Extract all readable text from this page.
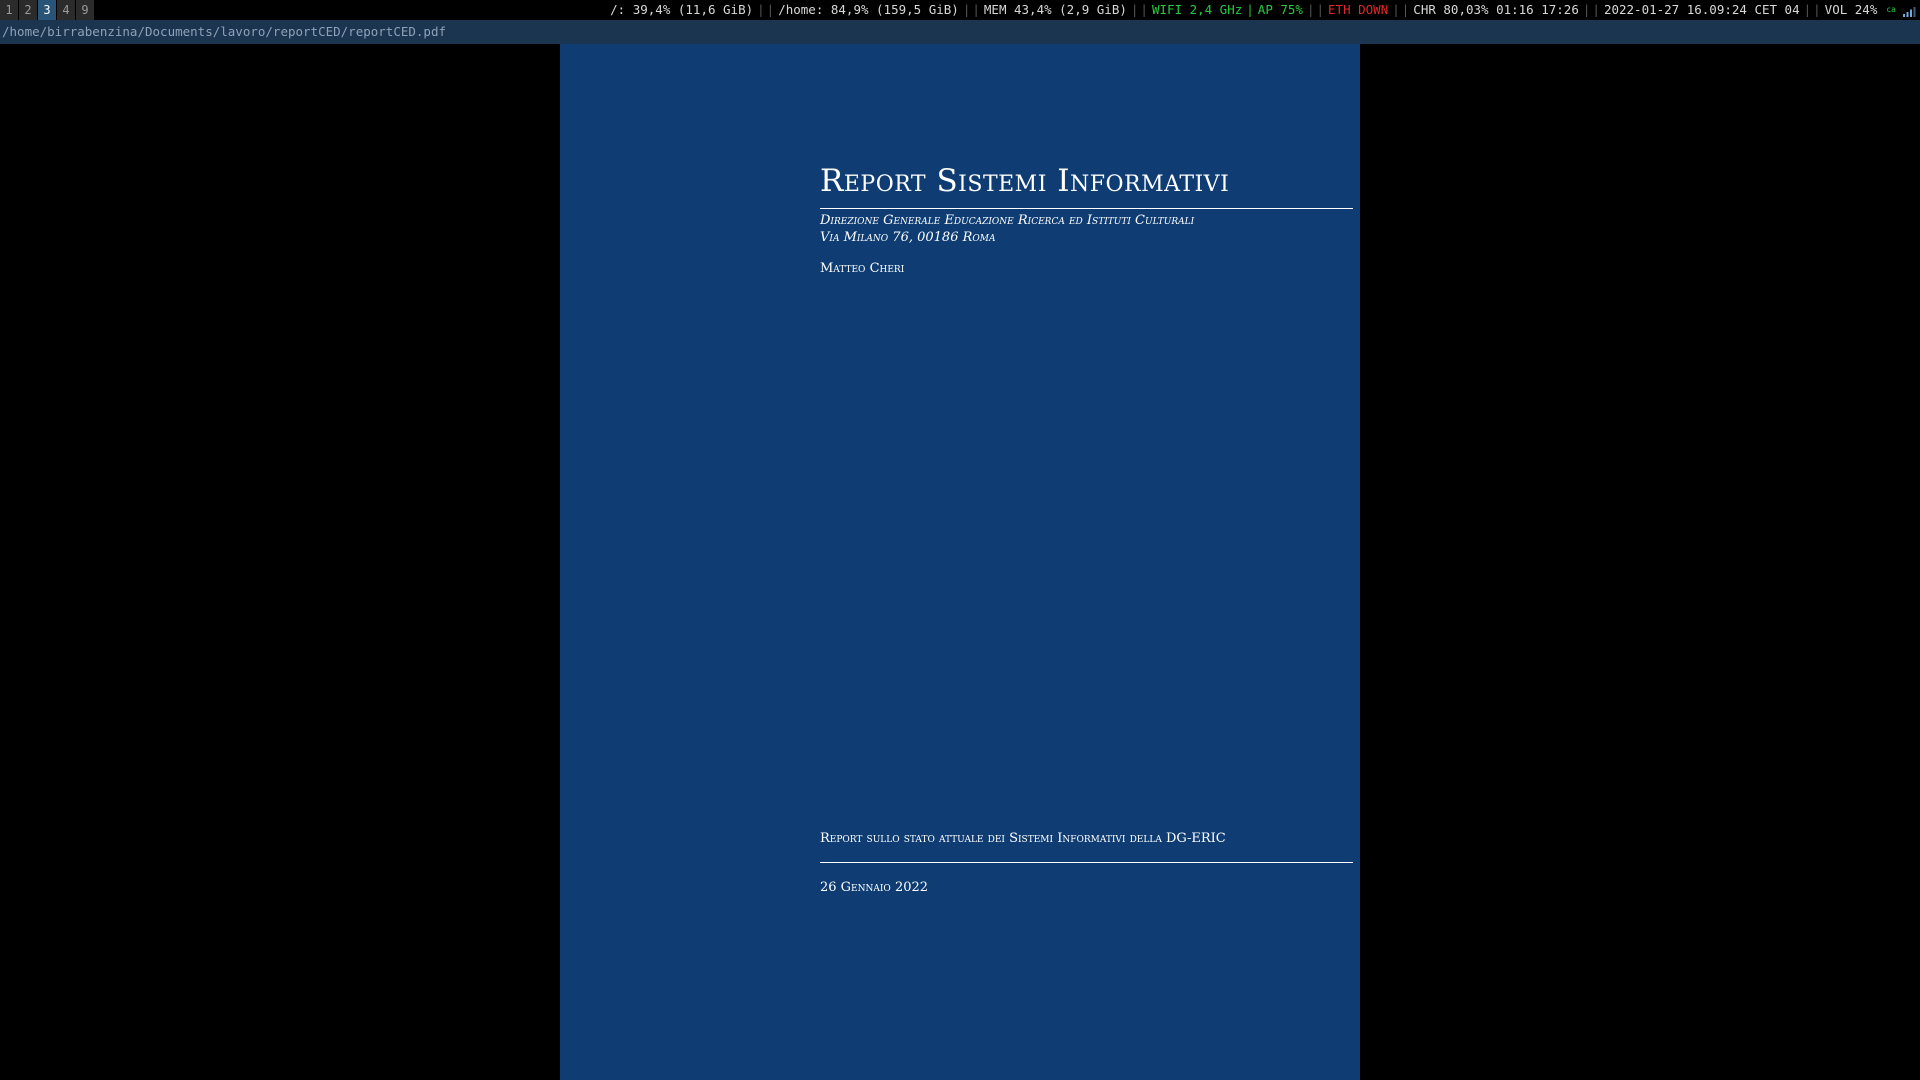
1 2 3 4 9	/: 39,4% (11,6 GiB) | | /home: 84,9% (159,5 GiB) | | MEM 43,4% (2,9 GiB) | | WIFI 2,4 GHz | AP 75% | | ETH DOWN | | CHR 80,03% 01:16 17:26 | | 2022-01-27 16.09:24 CET 04 | | VOL 24%	ca
/home/birrabenzina/Documents/lavoro/reportCED/reportCED.pdf
Report Sistemi Informativi
Direzione Generale Educazione Ricerca ed Istituti Culturali
Via Milano 76, 00186 Roma
Matteo Cheri
Report sullo stato attuale dei Sistemi Informativi della DG-ERIC
26 Gennaio 2022
